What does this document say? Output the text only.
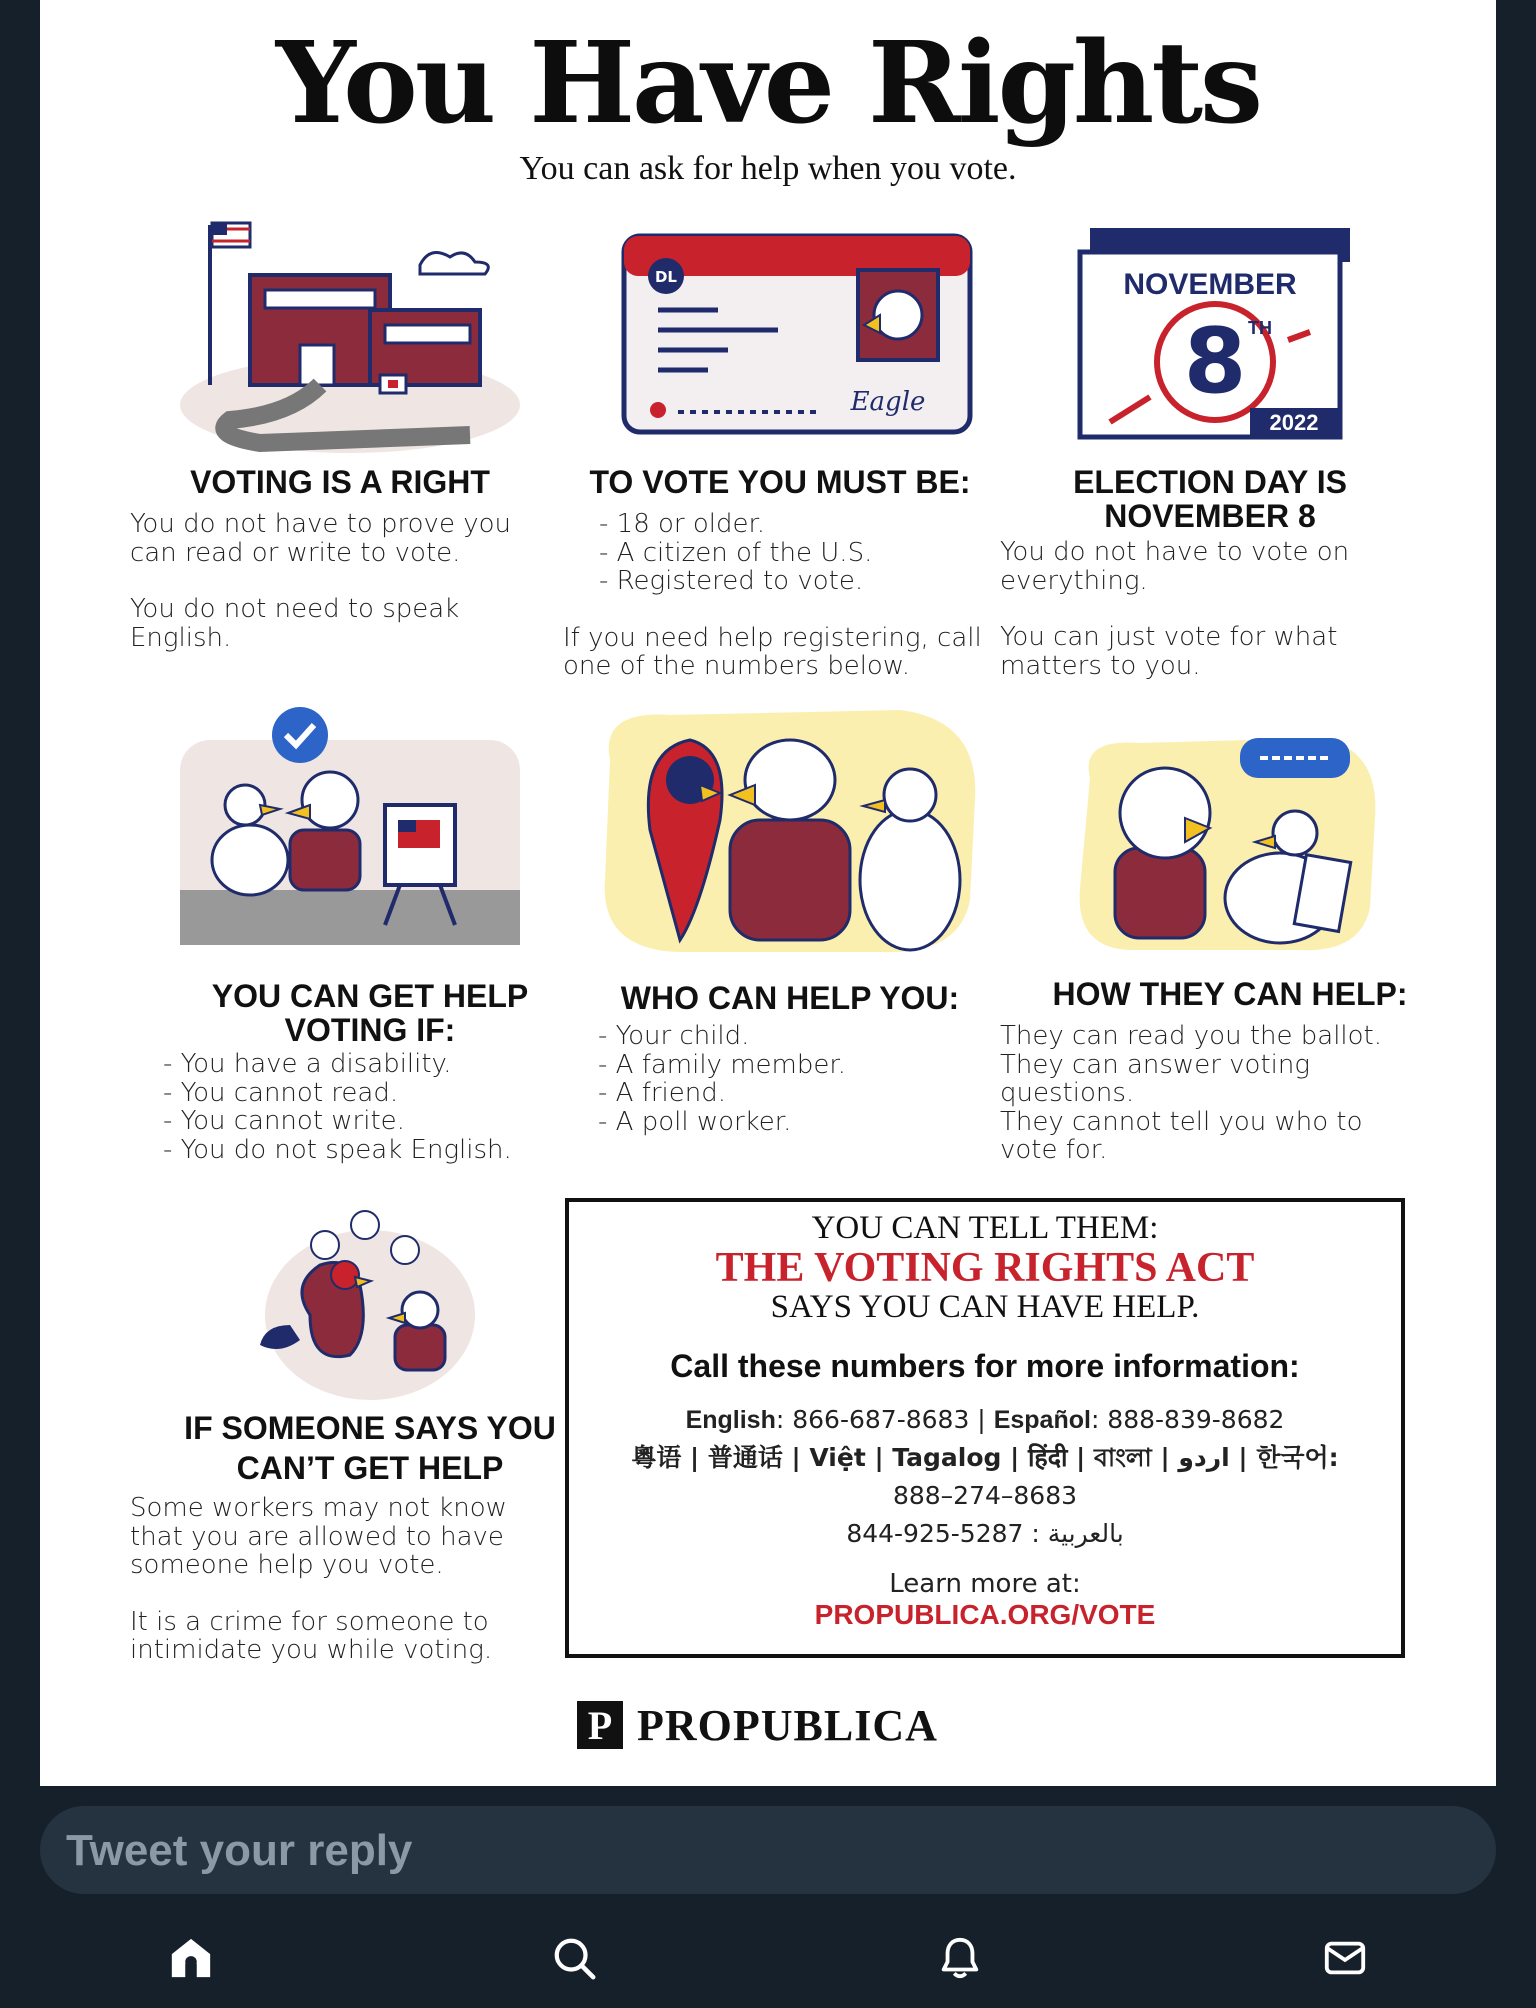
You Have Rights
You can ask for help when you vote.
DL
Eagle
NOVEMBER
8 TH
2022
VOTING IS A RIGHT

You do not have to prove you can read or write to vote.

You do not need to speak English.

TO VOTE YOU MUST BE:
- 18 or older.
- A citizen of the U.S.
- Registered to vote.

If you need help registering, call one of the numbers below.

ELECTION DAY IS
NOVEMBER 8

You do not have to vote on everything.

You can just vote for what matters to you.

YOU CAN GET HELP
VOTING IF:
- You have a disability.
- You cannot read.
- You cannot write.
- You do not speak English.
WHO CAN HELP YOU:
- Your child.
- A family member.
- A friend.
- A poll worker.
HOW THEY CAN HELP:
They can read you the ballot.
They can answer voting questions.
They cannot tell you who to vote for.
IF SOMEONE SAYS YOU
CAN’T GET HELP

Some workers may not know that you are allowed to have someone help you vote.

It is a crime for someone to intimidate you while voting.

YOU CAN TELL THEM:
THE VOTING RIGHTS ACT
SAYS YOU CAN HAVE HELP.
Call these numbers for more information:
English: 866-687-8683 | Español: 888-839-8682
粵语 | 普通话 | Việt | Tagalog | हिंदी | বাংলা | اردو | 한국어:
888–274–8683
844-925-5287 : بالعربية
Learn more at:
PROPUBLICA.ORG/VOTE
P PROPUBLICA
Tweet your reply
